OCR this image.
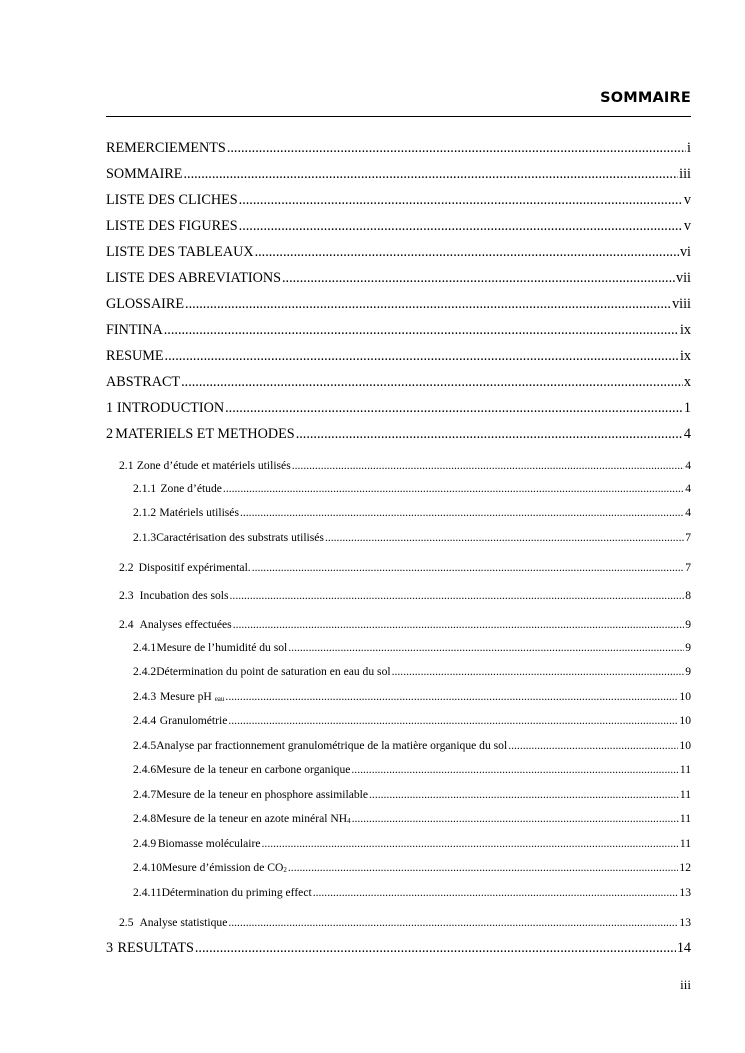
SOMMAIRE
REMERCIEMENTS .....	i
SOMMAIRE .....	iii
LISTE DES CLICHES .....	v
LISTE DES FIGURES .....	v
LISTE DES TABLEAUX .....	vi
LISTE DES ABREVIATIONS .....	vii
GLOSSAIRE .....	viii
FINTINA .....	ix
RESUME .....	ix
ABSTRACT .....	x
1 INTRODUCTION .....	1
2 MATERIELS ET METHODES .....	4
2.1 Zone d’étude et matériels utilisés .....	4
2.1.1 Zone d’étude .....	4
2.1.2 Matériels utilisés .....	4
2.1.3 Caractérisation des substrats utilisés .....	7
2.2 Dispositif expérimental. .....	7
2.3 Incubation des sols .....	8
2.4 Analyses effectuées .....	9
2.4.1 Mesure de l’humidité du sol .....	9
2.4.2 Détermination du point de saturation en eau du sol .....	9
2.4.3 Mesure pH $_{eau}$ .....	10
2.4.4 Granulométrie .....	10
2.4.5 Analyse par fractionnement granulométrique de la matière organique du sol .....	10
2.4.6 Mesure de la teneur en carbone organique .....	11
2.4.7 Mesure de la teneur en phosphore assimilable .....	11
2.4.8 Mesure de la teneur en azote minéral $NH_4$ .....	11
2.4.9 Biomasse moléculaire .....	11
2.4.10 Mesure d’émission de $CO_2$ .....	12
2.4.11 Détermination du priming effect .....	13
2.5 Analyse statistique .....	13
3 RESULTATS .....	14
iii
